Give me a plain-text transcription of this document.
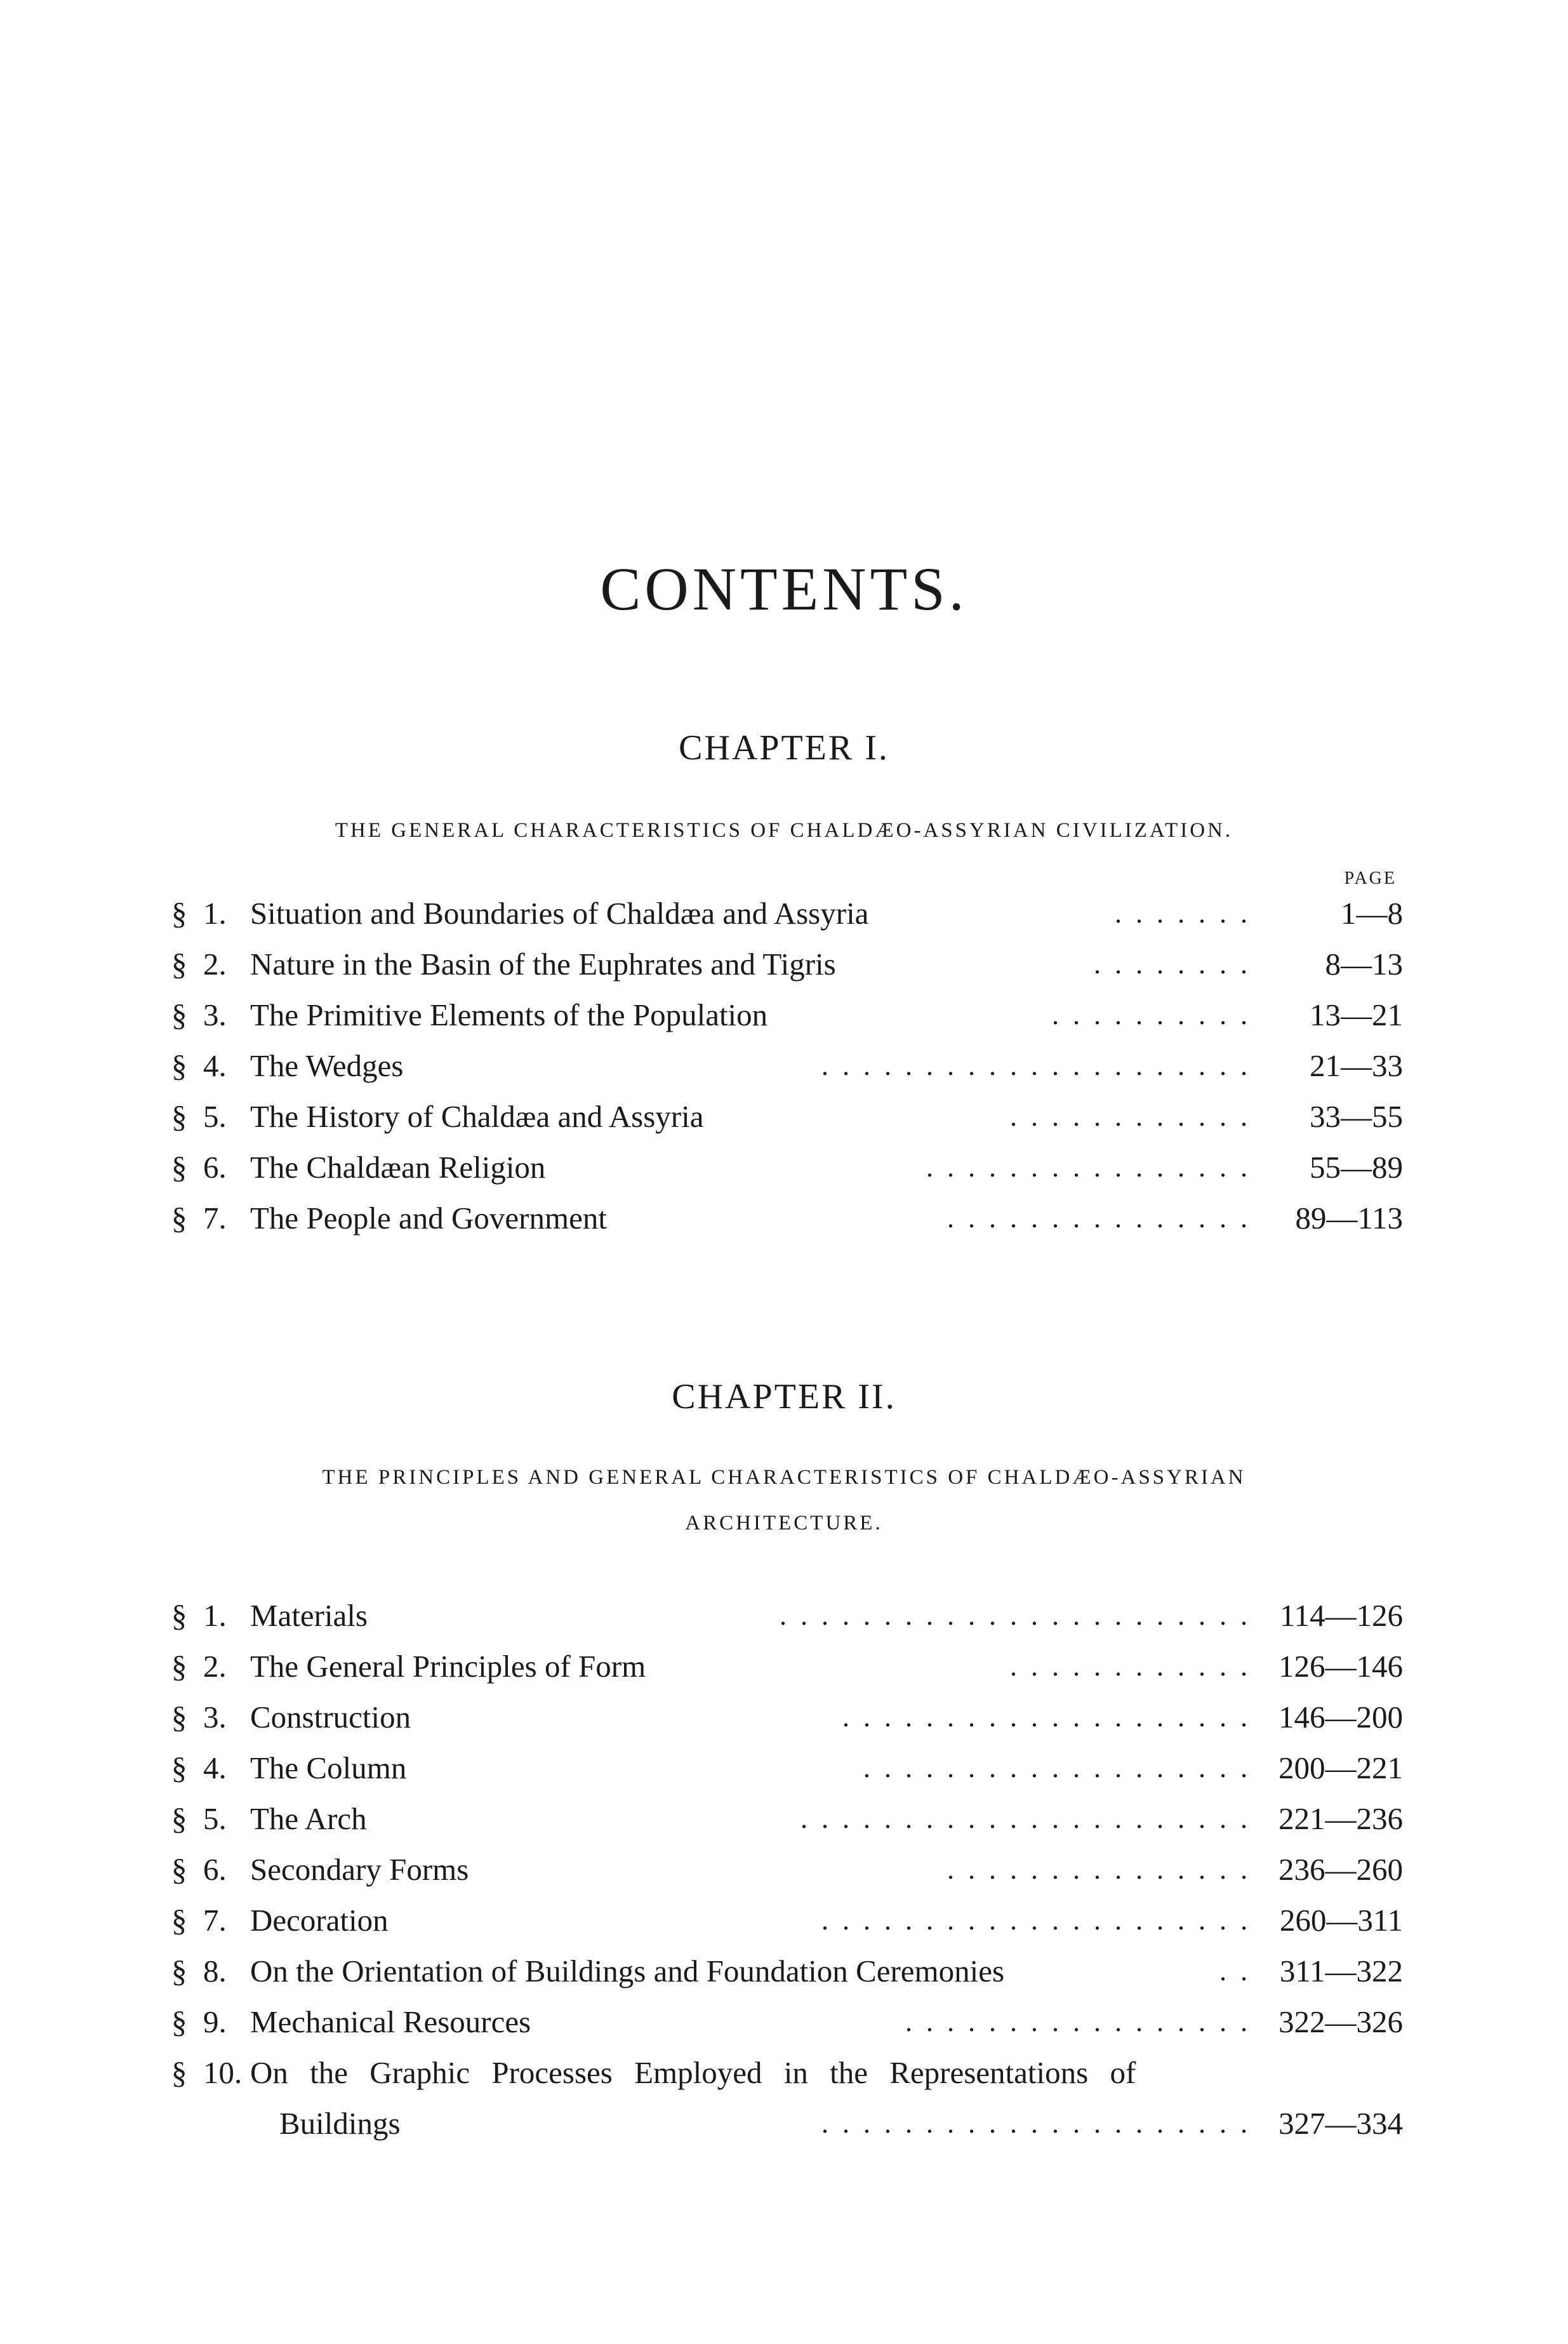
CONTENTS.
CHAPTER I.
THE GENERAL CHARACTERISTICS OF CHALDÆO-ASSYRIAN CIVILIZATION.
PAGE
§ 1. Situation and Boundaries of Chaldæa and Assyria	.  .  .  .  .  .  .	1—8
§ 2. Nature in the Basin of the Euphrates and Tigris	.  .  .  .  .  .  .  .	8—13
§ 3. The Primitive Elements of the Population	.  .  .  .  .  .  .  .  .  .	13—21
§ 4. The Wedges	.  .  .  .  .  .  .  .  .  .  .  .  .  .  .  .  .  .  .  .  .	21—33
§ 5. The History of Chaldæa and Assyria	.  .  .  .  .  .  .  .  .  .  .  .	33—55
§ 6. The Chaldæan Religion	.  .  .  .  .  .  .  .  .  .  .  .  .  .  .  .	55—89
§ 7. The People and Government	.  .  .  .  .  .  .  .  .  .  .  .  .  .  .	89—113
CHAPTER II.
THE PRINCIPLES AND GENERAL CHARACTERISTICS OF CHALDÆO-ASSYRIAN
ARCHITECTURE.
§ 1. Materials	.  .  .  .  .  .  .  .  .  .  .  .  .  .  .  .  .  .  .  .  .  .  .	114—126
§ 2. The General Principles of Form	.  .  .  .  .  .  .  .  .  .  .  .	126—146
§ 3. Construction	.  .  .  .  .  .  .  .  .  .  .  .  .  .  .  .  .  .  .  .	146—200
§ 4. The Column	.  .  .  .  .  .  .  .  .  .  .  .  .  .  .  .  .  .  .	200—221
§ 5. The Arch	.  .  .  .  .  .  .  .  .  .  .  .  .  .  .  .  .  .  .  .  .  .	221—236
§ 6. Secondary Forms	.  .  .  .  .  .  .  .  .  .  .  .  .  .  .	236—260
§ 7. Decoration	.  .  .  .  .  .  .  .  .  .  .  .  .  .  .  .  .  .  .  .  .	260—311
§ 8. On the Orientation of Buildings and Foundation Ceremonies	.  .	311—322
§ 9. Mechanical Resources	.  .  .  .  .  .  .  .  .  .  .  .  .  .  .  .  .	322—326
§ 10. On the Graphic Processes Employed in the Representations of
Buildings	.  .  .  .  .  .  .  .  .  .  .  .  .  .  .  .  .  .  .  .  .	327—334
